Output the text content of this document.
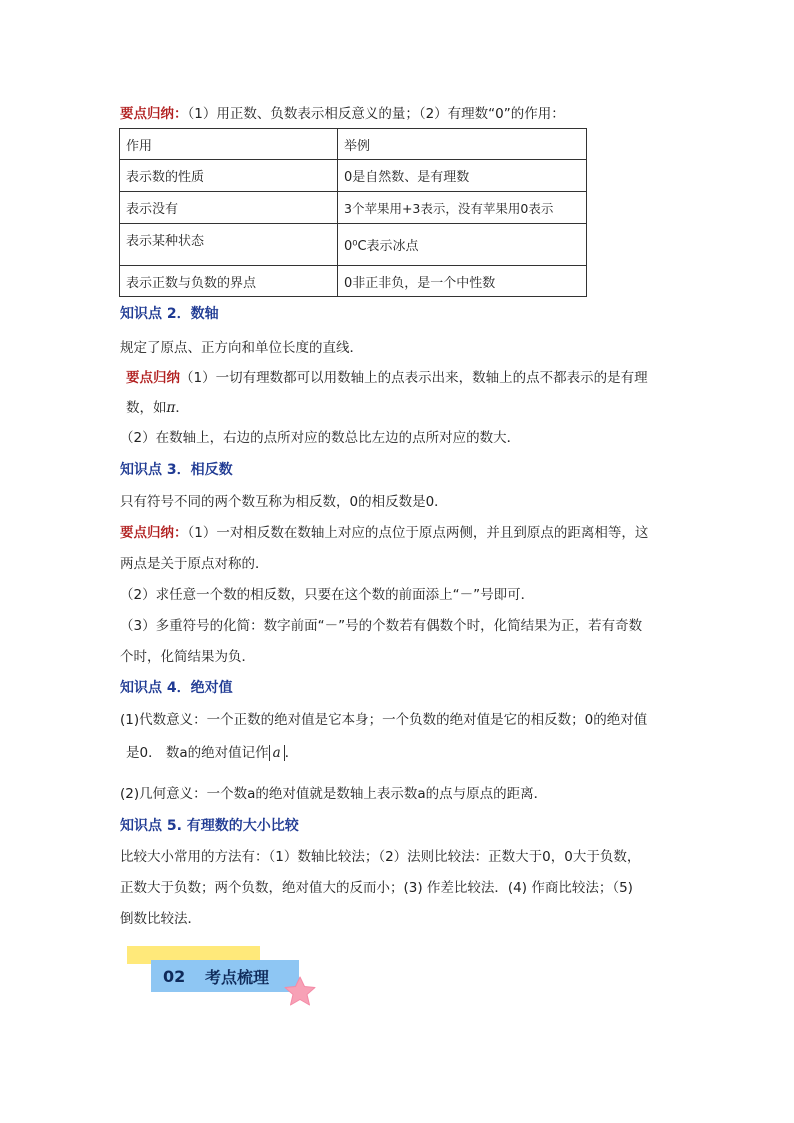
要点归纳：（1）用正数、负数表示相反意义的量；（2）有理数“0”的作用：
作用	举例
表示数的性质	0是自然数、是有理数
表示没有	3个苹果用+3表示，没有苹果用0表示
表示某种状态	0⁰C表示冰点
表示正数与负数的界点	0非正非负，是一个中性数
知识点 2．数轴
规定了原点、正方向和单位长度的直线．
要点归纳（1）一切有理数都可以用数轴上的点表示出来，数轴上的点不都表示的是有理
数，如π．
（2）在数轴上，右边的点所对应的数总比左边的点所对应的数大．
知识点 3．相反数
只有符号不同的两个数互称为相反数，0的相反数是0．
要点归纳：（1）一对相反数在数轴上对应的点位于原点两侧，并且到原点的距离相等，这
两点是关于原点对称的．
（2）求任意一个数的相反数，只要在这个数的前面添上“－”号即可．
（3）多重符号的化简：数字前面“－”号的个数若有偶数个时，化简结果为正，若有奇数
个时，化简结果为负．
知识点 4．绝对值
(1)代数意义：一个正数的绝对值是它本身；一个负数的绝对值是它的相反数；0的绝对值
是0． 数a的绝对值记作 a ．
(2)几何意义：一个数a的绝对值就是数轴上表示数a的点与原点的距离．
知识点 5. 有理数的大小比较
比较大小常用的方法有：（1）数轴比较法；（2）法则比较法：正数大于0，0大于负数，
正数大于负数；两个负数，绝对值大的反而小；(3) 作差比较法．(4) 作商比较法；（5)
倒数比较法．
02	考点梳理
